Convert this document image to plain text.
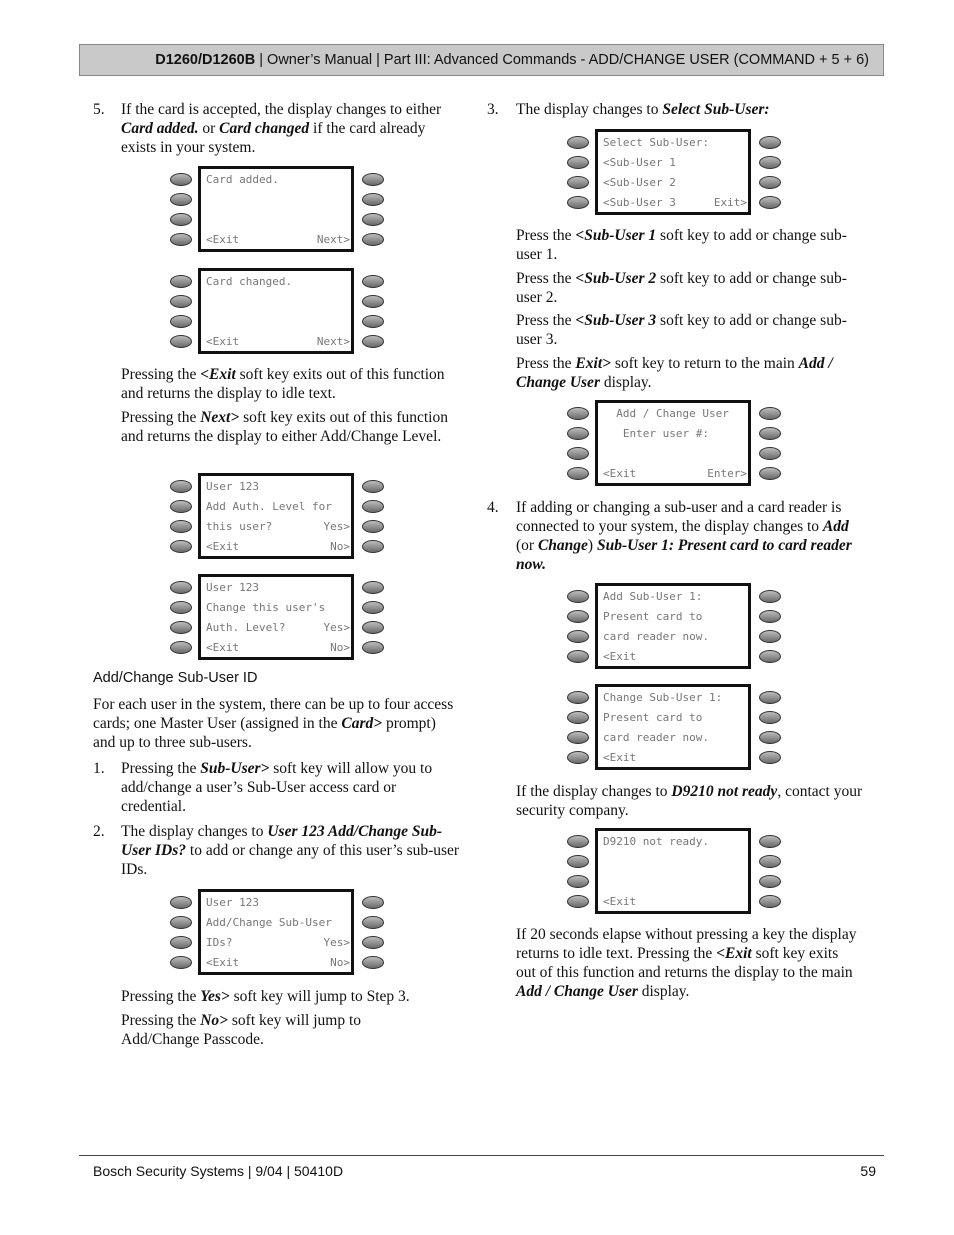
D1260/D1260B | Owner’s Manual | Part III: Advanced Commands - ADD/CHANGE USER (COMMAND + 5 + 6)
5. If the card is accepted, the display changes to either Card added. or Card changed if the card already exists in your system.
Card added.
<Exit	Next>
Card changed.
<Exit	Next>
Pressing the <Exit soft key exits out of this function and returns the display to idle text.
Pressing the Next> soft key exits out of this function and returns the display to either Add/Change Level.
User 123
Add Auth. Level for
this user?	Yes>
<Exit	No>
User 123
Change this user's
Auth. Level?	Yes>
<Exit	No>
Add/Change Sub-User ID
For each user in the system, there can be up to four access cards; one Master User (assigned in the Card> prompt) and up to three sub-users.
1. Pressing the Sub-User> soft key will allow you to add/change a user’s Sub-User access card or credential.
2. The display changes to User 123 Add/Change Sub-User IDs? to add or change any of this user’s sub-user IDs.
User 123
Add/Change Sub-User
IDs?	Yes>
<Exit	No>
Pressing the Yes> soft key will jump to Step 3.
Pressing the No> soft key will jump to Add/Change Passcode.
3. The display changes to Select Sub-User:
Select Sub-User:
<Sub-User 1
<Sub-User 2
<Sub-User 3	Exit>
Press the <Sub-User 1 soft key to add or change sub-user 1.
Press the <Sub-User 2 soft key to add or change sub-user 2.
Press the <Sub-User 3 soft key to add or change sub-user 3.
Press the Exit> soft key to return to the main Add / Change User display.
Add / Change User
Enter user #:
<Exit	Enter>
4. If adding or changing a sub-user and a card reader is connected to your system, the display changes to Add (or Change) Sub-User 1: Present card to card reader now.
Add Sub-User 1:
Present card to
card reader now.
<Exit
Change Sub-User 1:
Present card to
card reader now.
<Exit
If the display changes to D9210 not ready, contact your security company.
D9210 not ready.
<Exit
If 20 seconds elapse without pressing a key the display returns to idle text. Pressing the <Exit soft key exits out of this function and returns the display to the main Add / Change User display.
Bosch Security Systems | 9/04 | 50410D	59
